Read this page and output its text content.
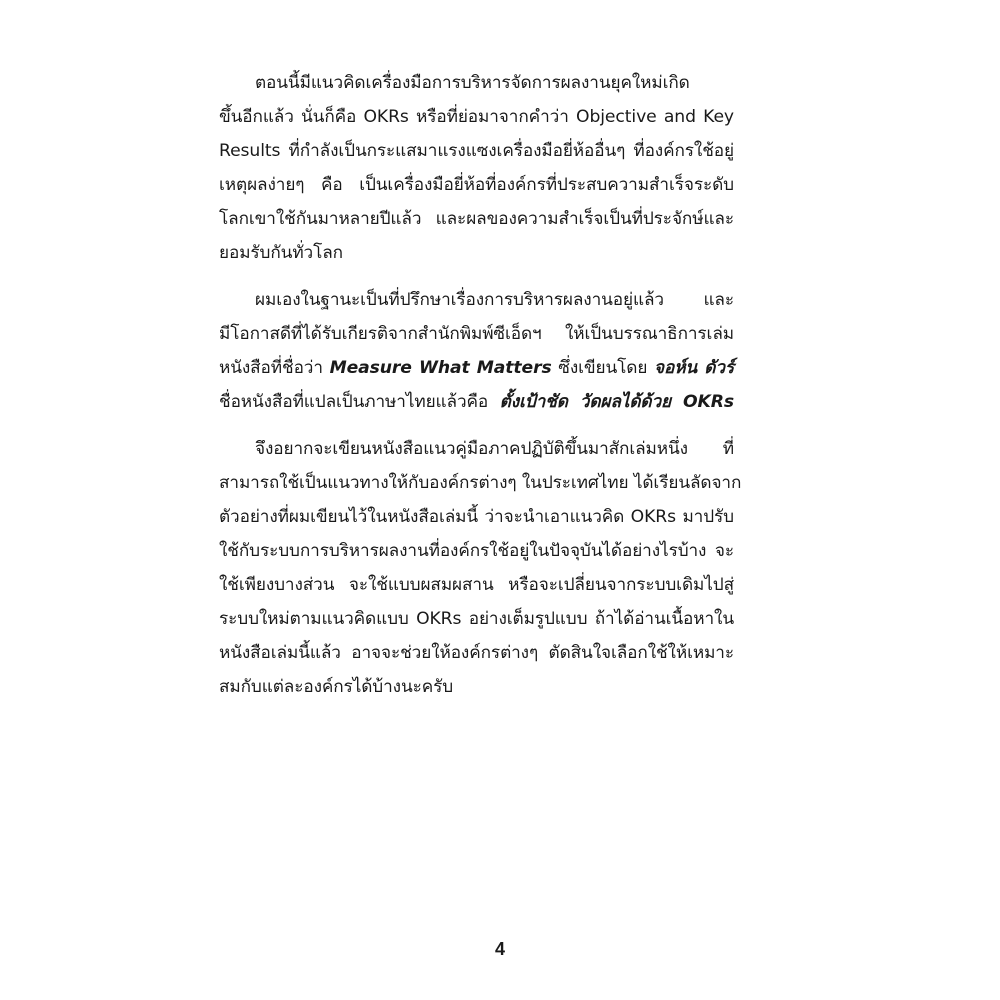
ตอนนี้มีแนวคิดเครื่องมือการบริหารจัดการผลงานยุคใหม่เกิด
ขึ้นอีกแล้ว นั่นก็คือ OKRs หรือที่ย่อมาจากคำว่า Objective and Key
Results ที่กำลังเป็นกระแสมาแรงแซงเครื่องมือยี่ห้ออื่นๆ ที่องค์กรใช้อยู่
เหตุผลง่ายๆ คือ เป็นเครื่องมือยี่ห้อที่องค์กรที่ประสบความสำเร็จระดับ
โลกเขาใช้กันมาหลายปีแล้ว และผลของความสำเร็จเป็นที่ประจักษ์และ
ยอมรับกันทั่วโลก

ผมเองในฐานะเป็นที่ปรึกษาเรื่องการบริหารผลงานอยู่แล้ว และ
มีโอกาสดีที่ได้รับเกียรติจากสำนักพิมพ์ซีเอ็ดฯ ให้เป็นบรรณาธิการเล่ม
หนังสือที่ชื่อว่า Measure What Matters ซึ่งเขียนโดย จอห์น ดัวร์
ชื่อหนังสือที่แปลเป็นภาษาไทยแล้วคือ ตั้งเป้าชัด วัดผลได้ด้วย OKRs

จึงอยากจะเขียนหนังสือแนวคู่มือภาคปฏิบัติขึ้นมาสักเล่มหนึ่ง ที่
สามารถใช้เป็นแนวทางให้กับองค์กรต่างๆ ในประเทศไทย ได้เรียนลัดจาก
ตัวอย่างที่ผมเขียนไว้ในหนังสือเล่มนี้ ว่าจะนำเอาแนวคิด OKRs มาปรับ
ใช้กับระบบการบริหารผลงานที่องค์กรใช้อยู่ในปัจจุบันได้อย่างไรบ้าง จะ
ใช้เพียงบางส่วน จะใช้แบบผสมผสาน หรือจะเปลี่ยนจากระบบเดิมไปสู่
ระบบใหม่ตามแนวคิดแบบ OKRs อย่างเต็มรูปแบบ ถ้าได้อ่านเนื้อหาใน
หนังสือเล่มนี้แล้ว อาจจะช่วยให้องค์กรต่างๆ ตัดสินใจเลือกใช้ให้เหมาะ
สมกับแต่ละองค์กรได้บ้างนะครับ

4
